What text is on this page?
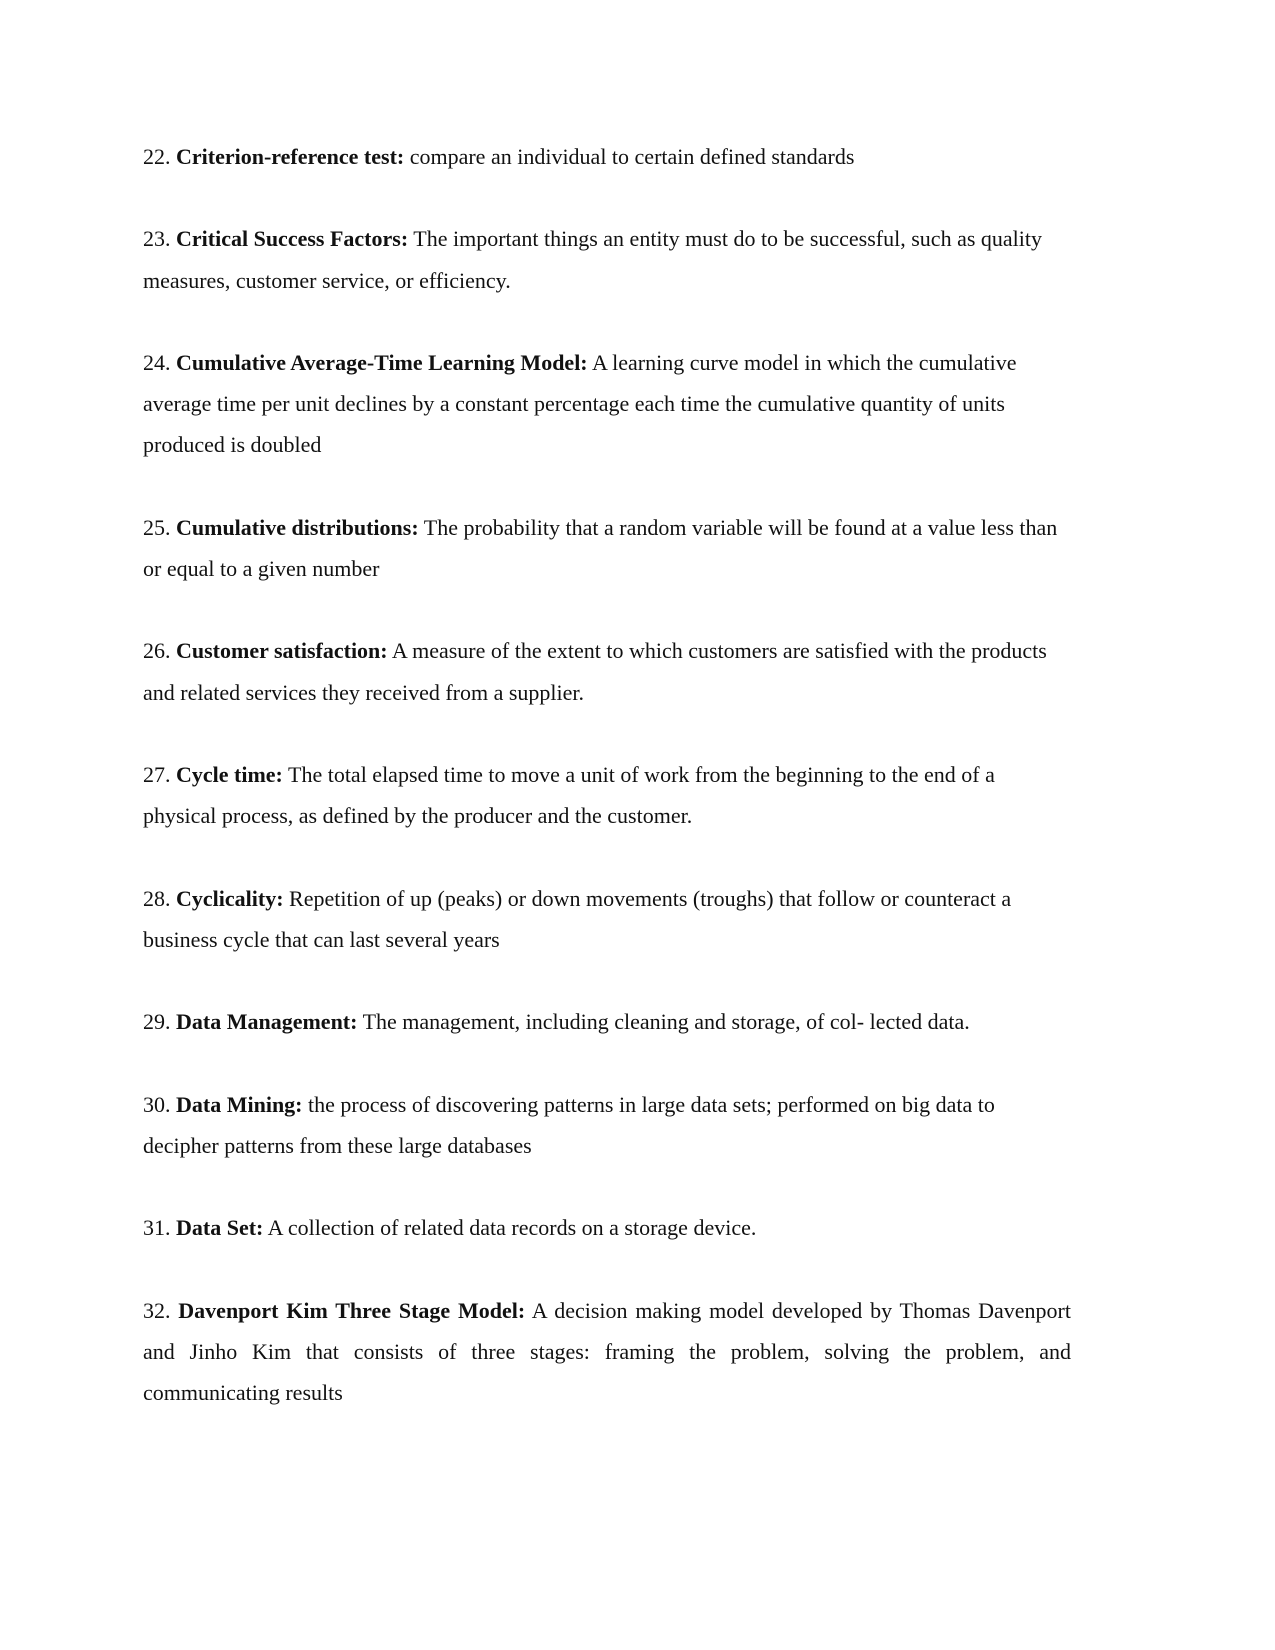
22. Criterion-reference test: compare an individual to certain defined standards

23. Critical Success Factors: The important things an entity must do to be successful, such as quality measures, customer service, or efficiency.

24. Cumulative Average-Time Learning Model: A learning curve model in which the cumulative average time per unit declines by a constant percentage each time the cumulative quantity of units produced is doubled

25. Cumulative distributions: The probability that a random variable will be found at a value less than or equal to a given number

26. Customer satisfaction: A measure of the extent to which customers are satisfied with the products and related services they received from a supplier.

27. Cycle time: The total elapsed time to move a unit of work from the beginning to the end of a physical process, as defined by the producer and the customer.

28. Cyclicality: Repetition of up (peaks) or down movements (troughs) that follow or counteract a business cycle that can last several years

29. Data Management: The management, including cleaning and storage, of col- lected data.

30. Data Mining: the process of discovering patterns in large data sets; performed on big data to decipher patterns from these large databases

31. Data Set: A collection of related data records on a storage device.

32. Davenport Kim Three Stage Model: A decision making model developed by Thomas Davenport and Jinho Kim that consists of three stages: framing the problem, solving the problem, and communicating results
